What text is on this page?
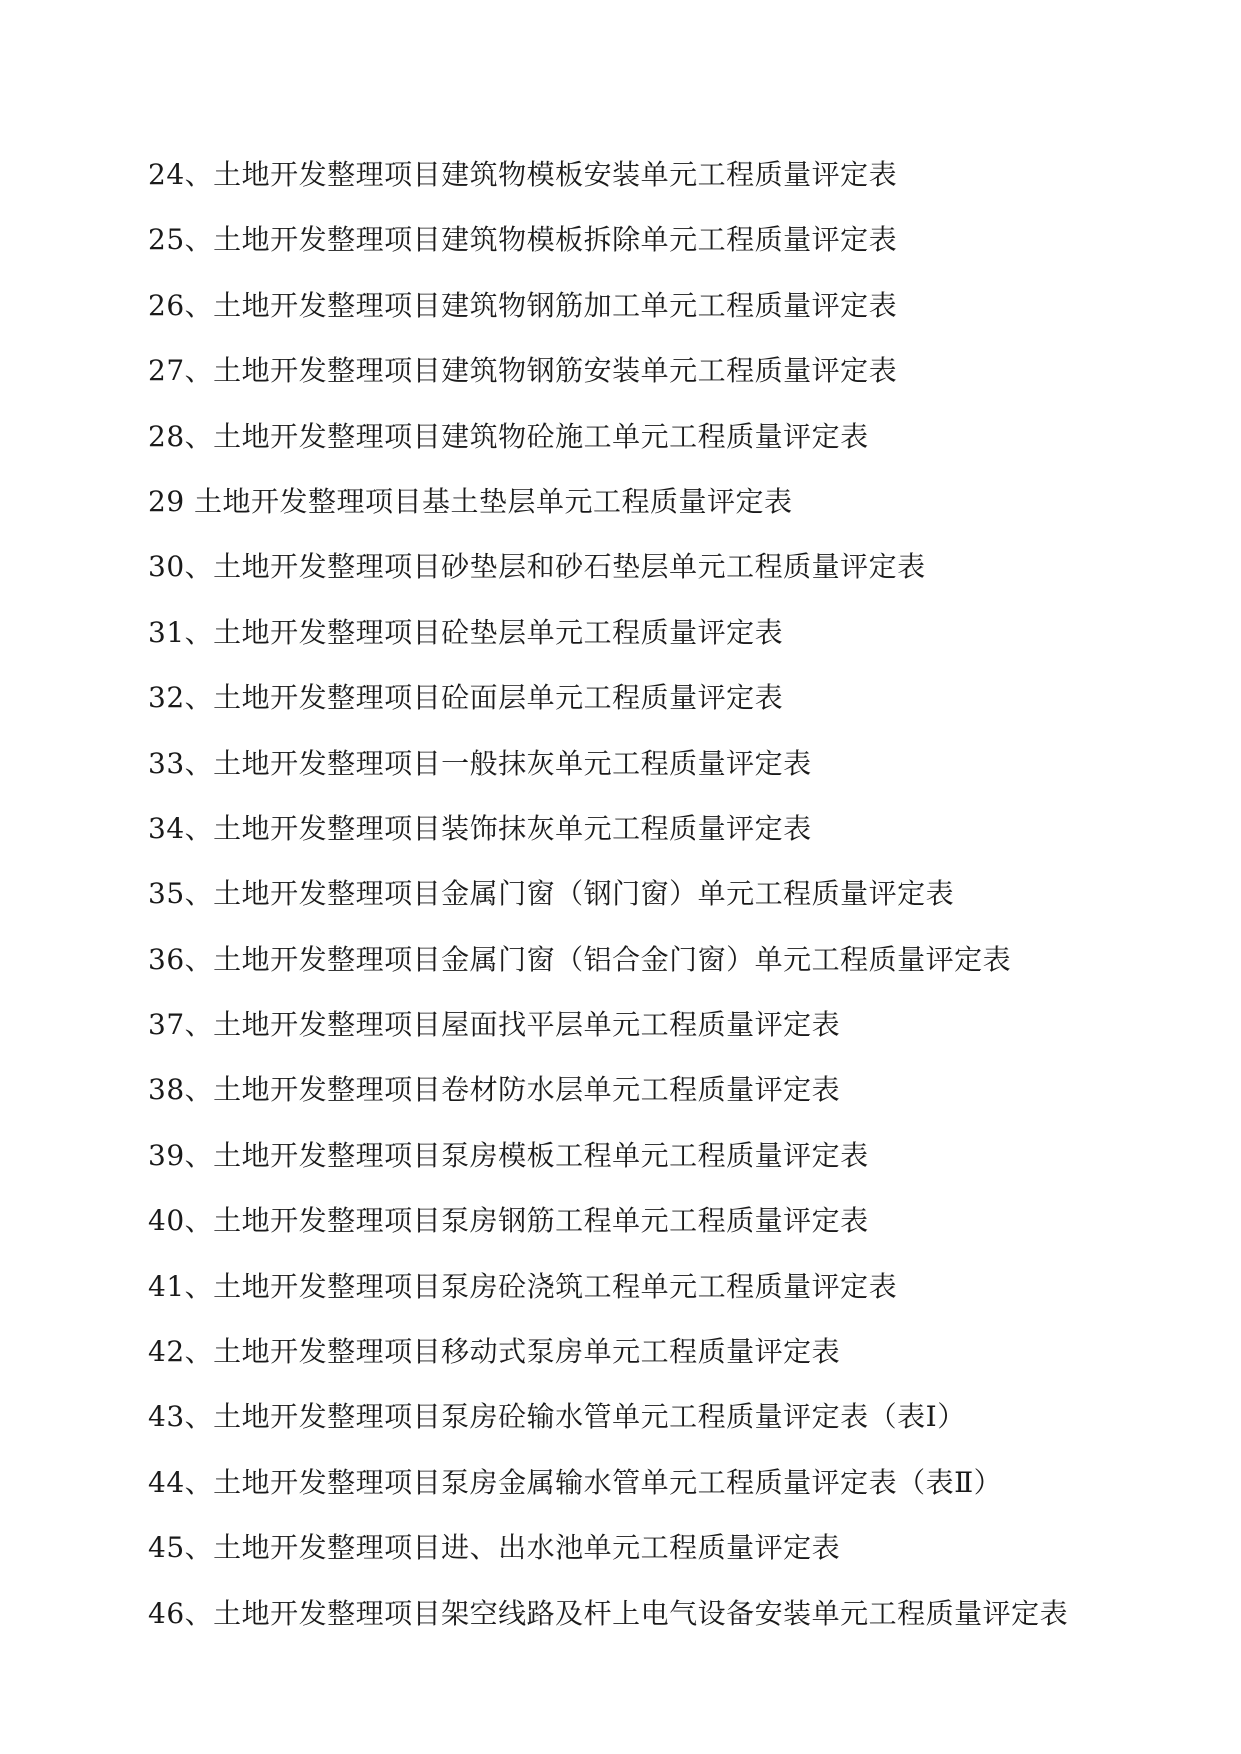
24、土地开发整理项目建筑物模板安装单元工程质量评定表
25、土地开发整理项目建筑物模板拆除单元工程质量评定表
26、土地开发整理项目建筑物钢筋加工单元工程质量评定表
27、土地开发整理项目建筑物钢筋安装单元工程质量评定表
28、土地开发整理项目建筑物砼施工单元工程质量评定表
29 土地开发整理项目基土垫层单元工程质量评定表
30、土地开发整理项目砂垫层和砂石垫层单元工程质量评定表
31、土地开发整理项目砼垫层单元工程质量评定表
32、土地开发整理项目砼面层单元工程质量评定表
33、土地开发整理项目一般抹灰单元工程质量评定表
34、土地开发整理项目装饰抹灰单元工程质量评定表
35、土地开发整理项目金属门窗（钢门窗）单元工程质量评定表
36、土地开发整理项目金属门窗（铝合金门窗）单元工程质量评定表
37、土地开发整理项目屋面找平层单元工程质量评定表
38、土地开发整理项目卷材防水层单元工程质量评定表
39、土地开发整理项目泵房模板工程单元工程质量评定表
40、土地开发整理项目泵房钢筋工程单元工程质量评定表
41、土地开发整理项目泵房砼浇筑工程单元工程质量评定表
42、土地开发整理项目移动式泵房单元工程质量评定表
43、土地开发整理项目泵房砼输水管单元工程质量评定表（表Ⅰ）
44、土地开发整理项目泵房金属输水管单元工程质量评定表（表Ⅱ）
45、土地开发整理项目进、出水池单元工程质量评定表
46、土地开发整理项目架空线路及杆上电气设备安装单元工程质量评定表
